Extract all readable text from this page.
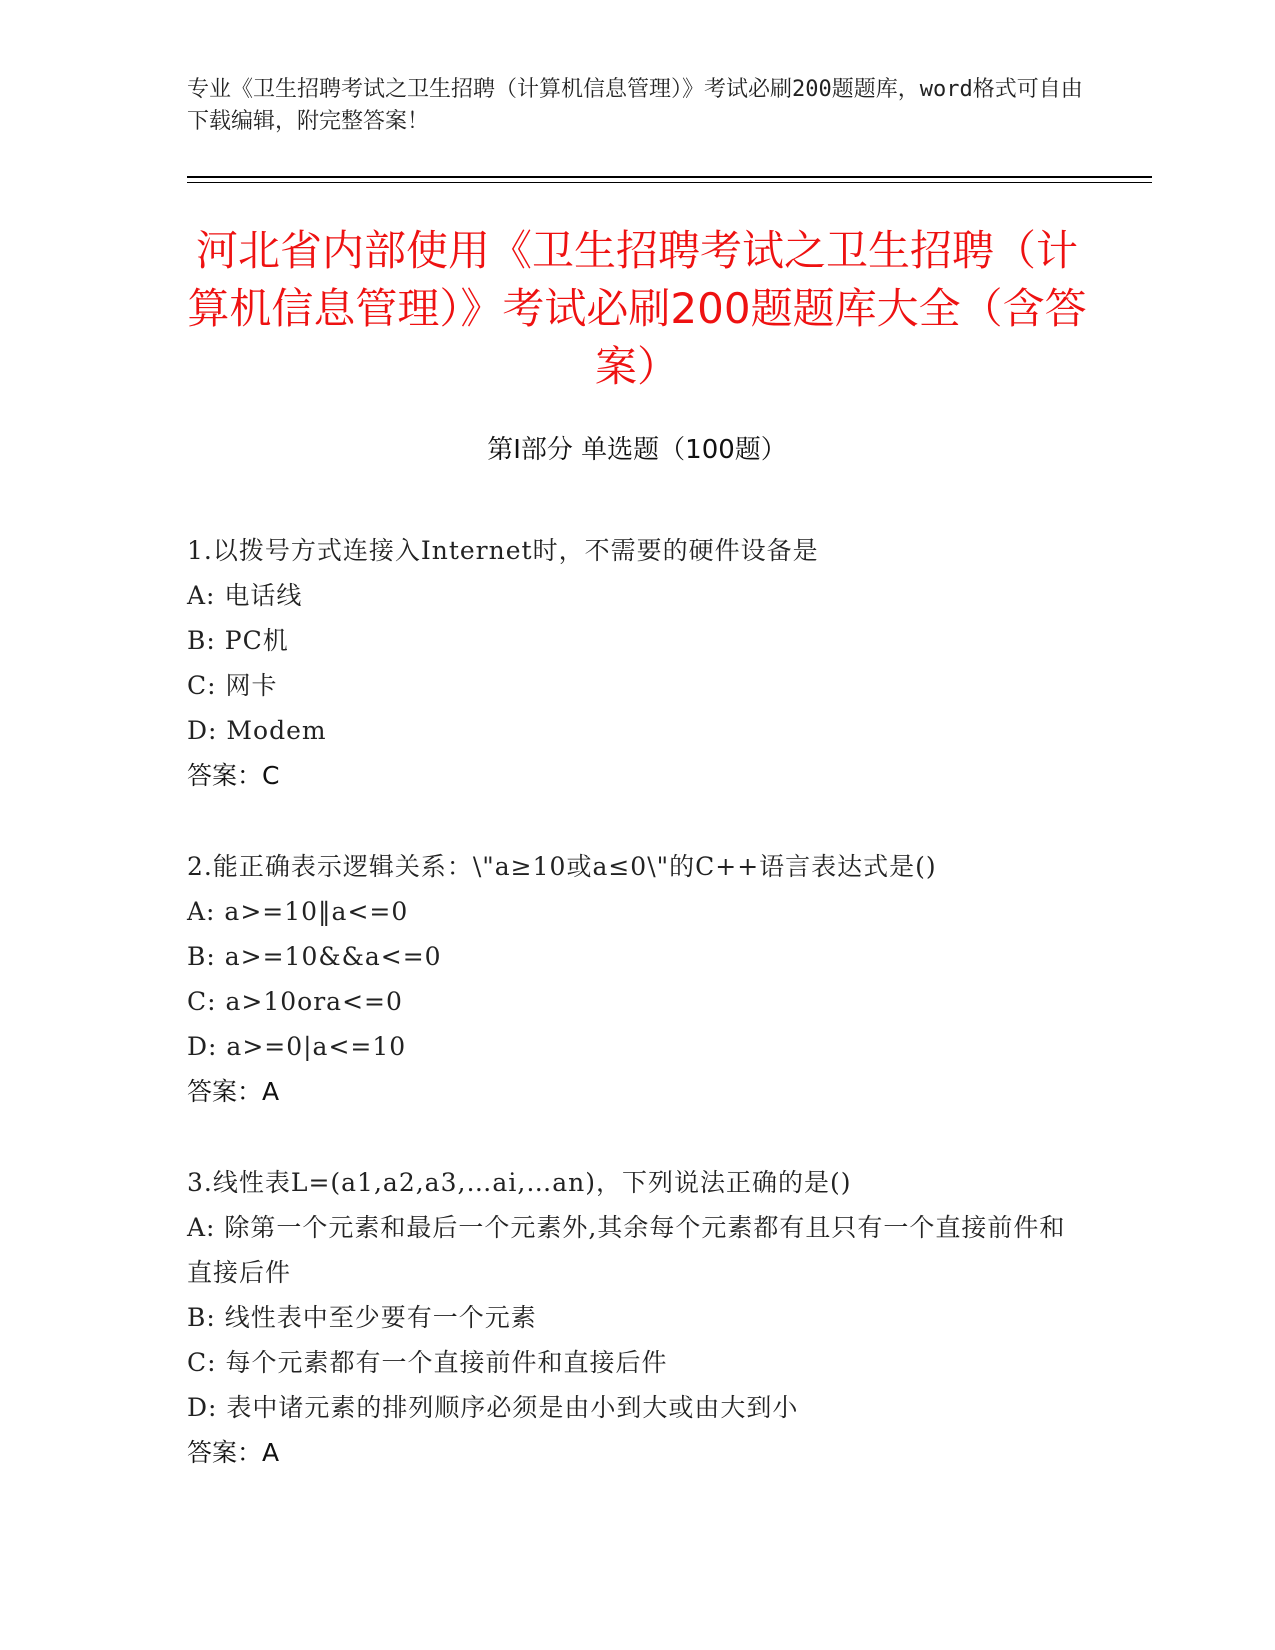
专业《卫生招聘考试之卫生招聘（计算机信息管理）》考试必刷200题题库，word格式可自由下载编辑，附完整答案！
河北省内部使用《卫生招聘考试之卫生招聘（计算机信息管理）》考试必刷200题题库大全（含答案）
第I部分 单选题（100题）
1.以拨号方式连接入Internet时，不需要的硬件设备是
A: 电话线
B: PC机
C: 网卡
D: Modem
答案：C
2.能正确表示逻辑关系：\"a≥10或a≤0\"的C++语言表达式是()
A: a>=10‖a<=0
B: a>=10&&a<=0
C: a>10ora<=0
D: a>=0|a<=10
答案：A
3.线性表L=(a1,a2,a3,…ai,…an)，下列说法正确的是()
A: 除第一个元素和最后一个元素外,其余每个元素都有且只有一个直接前件和直接后件
B: 线性表中至少要有一个元素
C: 每个元素都有一个直接前件和直接后件
D: 表中诸元素的排列顺序必须是由小到大或由大到小
答案：A
